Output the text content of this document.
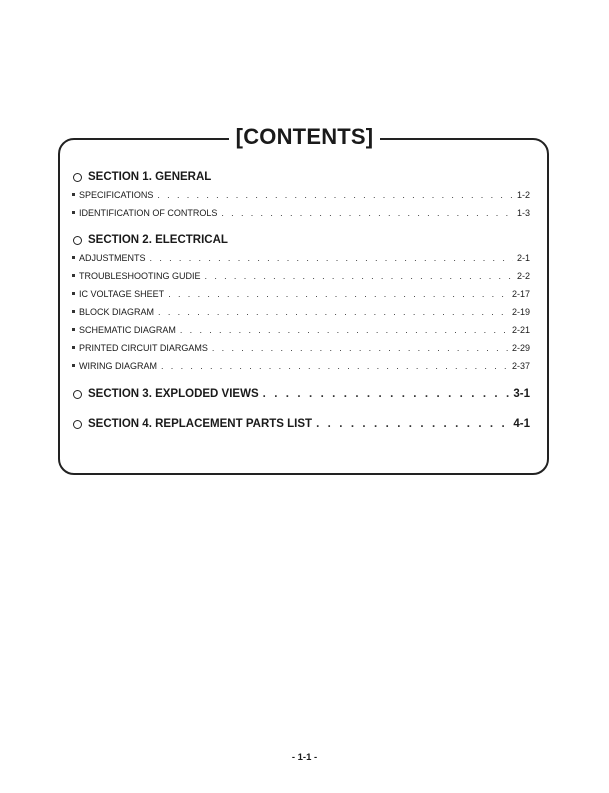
[CONTENTS]
SECTION 1. GENERAL
SPECIFICATIONS . . .	1-2
IDENTIFICATION OF CONTROLS . . .	1-3
SECTION 2. ELECTRICAL
ADJUSTMENTS . . .	2-1
TROUBLESHOOTING GUDIE . . .	2-2
IC VOLTAGE SHEET . . .	2-17
BLOCK DIAGRAM . . .	2-19
SCHEMATIC DIAGRAM . . .	2-21
PRINTED CIRCUIT DIARGAMS . . .	2-29
WIRING DIAGRAM . . .	2-37
SECTION 3. EXPLODED VIEWS . . .	3-1
SECTION 4. REPLACEMENT PARTS LIST . . .	4-1
- 1-1 -
